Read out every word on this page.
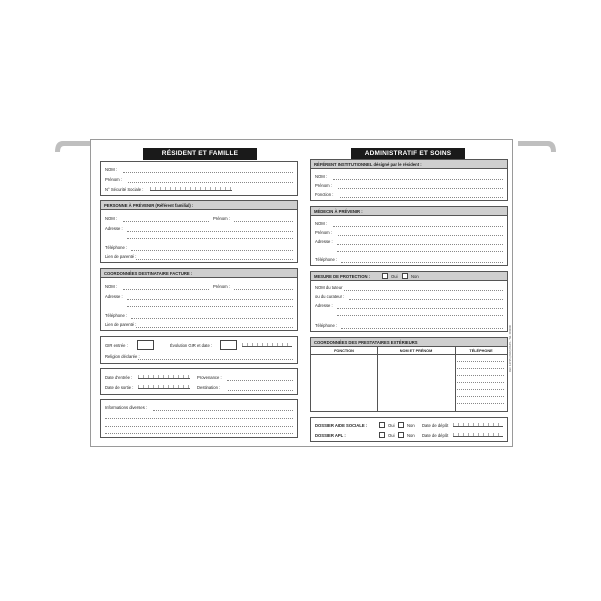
RÉSIDENT ET FAMILLE
NOM :
Prénom :
N° Sécurité Sociale :
PERSONNE À PRÉVENIR (Référent familial) :
NOM :	Prénom :
Adresse :
Téléphone :
Lien de parenté :
COORDONNÉES DESTINATAIRE FACTURE :
NOM :	Prénom :
Adresse :
Téléphone :
Lien de parenté :
GIR entrée :	Évolution GIR et date :
Religion déclarée :
Date d'entrée :	Provenance :
Date de sortie :	Destination :
Informations diverses :
ADMINISTRATIF ET SOINS
RÉFÉRENT INSTITUTIONNEL désigné par le résident :
NOM :
Prénom :
Fonction :
MÉDECIN À PRÉVENIR :
NOM :
Prénom :
Adresse :
Téléphone :
MESURE DE PROTECTION :	Oui	Non
NOM du tuteur
ou du curateur :
Adresse :
Téléphone :
COORDONNÉES DES PRESTATAIRES EXTÉRIEURS
FONCTION	NOM ET PRÉNOM	TÉLÉPHONE
DOSSIER AIDE SOCIALE :	Oui	Non Date de dépôt
DOSSIER APL :	Oui	Non Date de dépôt
Réf. 14735 (2023) DUPL. Tél. 000000
